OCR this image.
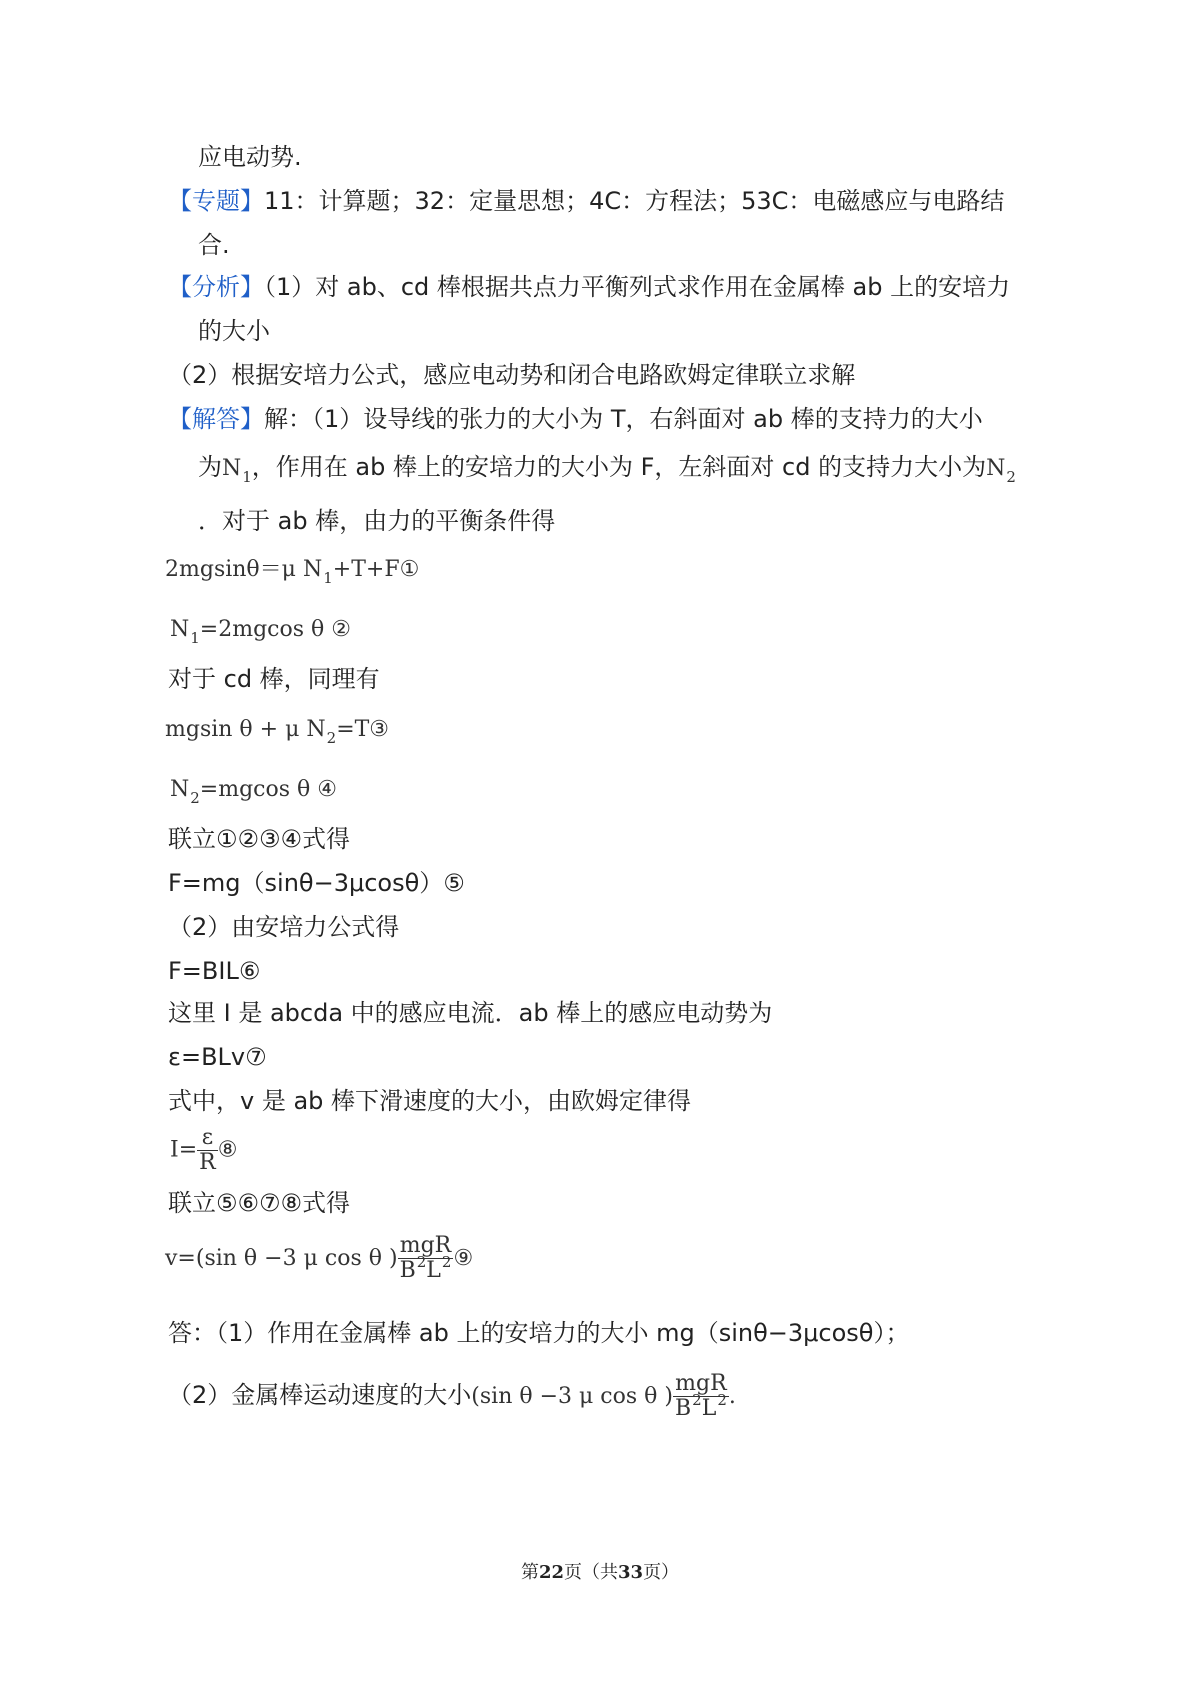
应电动势.
【专题】11：计算题；32：定量思想；4C：方程法；53C：电磁感应与电路结
合.
【分析】（1）对 ab、cd 棒根据共点力平衡列式求作用在金属棒 ab 上的安培力
的大小
（2）根据安培力公式，感应电动势和闭合电路欧姆定律联立求解
【解答】解：（1）设导线的张力的大小为 T，右斜面对 ab 棒的支持力的大小
为$N_1$，作用在 ab 棒上的安培力的大小为 F，左斜面对 cd 的支持力大小为$N_2$
．对于 ab 棒，由力的平衡条件得
2mgsinθ＝μ $N_1+T+F①$
$N_1=2mgcos$ θ ②
对于 cd 棒，同理有
mgsin θ + μ $N_2=T③$
$N_2=mgcos$ θ ④
联立①②③④式得
F=mg（sinθ−3μcosθ）⑤
（2）由安培力公式得
F=BIL⑥
这里 I 是 abcda 中的感应电流．ab 棒上的感应电动势为
ε=BLv⑦
式中，v 是 ab 棒下滑速度的大小，由欧姆定律得
$I= \frac{\varepsilon}{R}$ ⑧
联立⑤⑥⑦⑧式得
v=(sin θ −3 μ cos θ ) $\frac{\text{mgR}}{B^2L^2}$ ⑨
答：（1）作用在金属棒 ab 上的安培力的大小 mg（sinθ−3μcosθ）；
（2）金属棒运动速度的大小(sin θ −3 μ cos θ ) $\frac{\text{mgR}}{B^2L^2}$ .
第22页（共33页）
